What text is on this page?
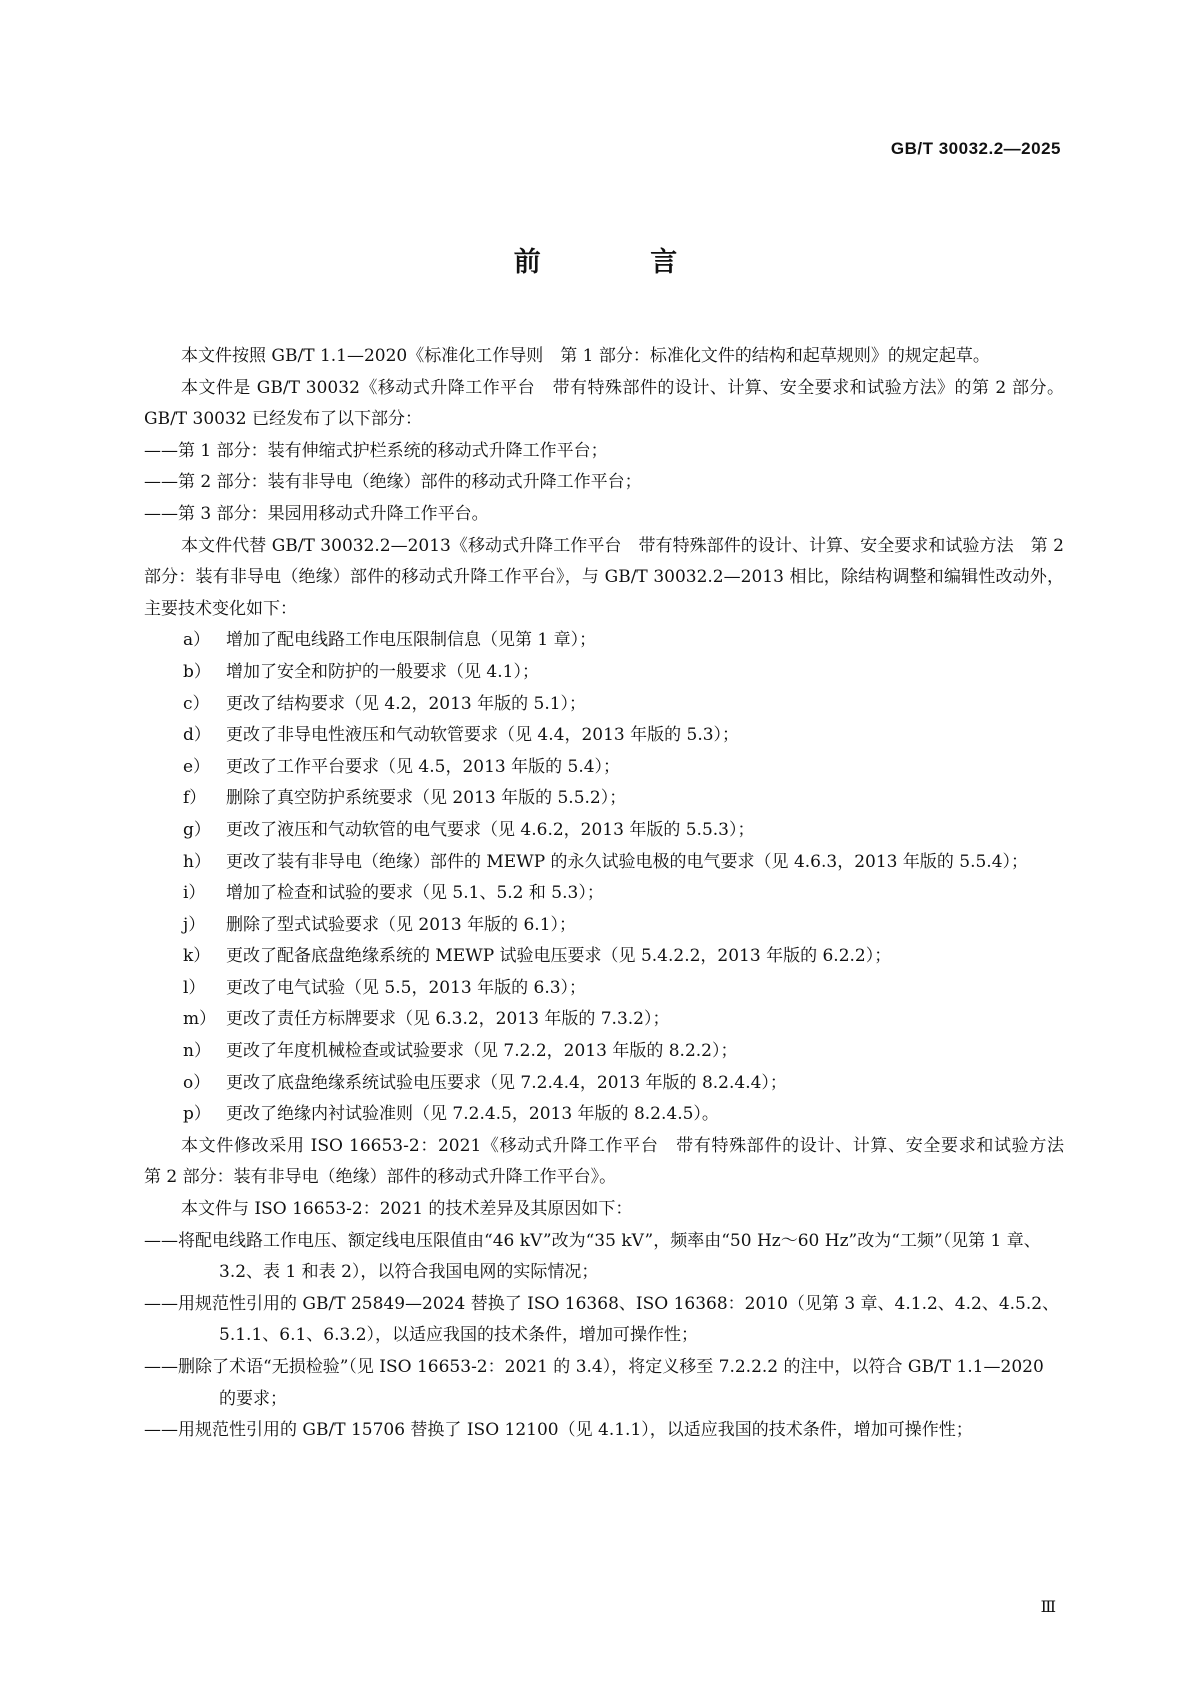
GB/T 30032.2—2025
前 言

本文件按照 GB/T 1.1—2020《标准化工作导则　第 1 部分：标准化文件的结构和起草规则》的规定起草。

本文件是 GB/T 30032《移动式升降工作平台　带有特殊部件的设计、计算、安全要求和试验方法》的第 2 部分。GB/T 30032 已经发布了以下部分：

——第 1 部分：装有伸缩式护栏系统的移动式升降工作平台；

——第 2 部分：装有非导电（绝缘）部件的移动式升降工作平台；

——第 3 部分：果园用移动式升降工作平台。

本文件代替 GB/T 30032.2—2013《移动式升降工作平台　带有特殊部件的设计、计算、安全要求和试验方法　第 2 部分：装有非导电（绝缘）部件的移动式升降工作平台》，与 GB/T 30032.2—2013 相比，除结构调整和编辑性改动外，主要技术变化如下：

a） 增加了配电线路工作电压限制信息（见第 1 章）；

b） 增加了安全和防护的一般要求（见 4.1）；

c） 更改了结构要求（见 4.2，2013 年版的 5.1）；

d） 更改了非导电性液压和气动软管要求（见 4.4，2013 年版的 5.3）；

e） 更改了工作平台要求（见 4.5，2013 年版的 5.4）；

f） 删除了真空防护系统要求（见 2013 年版的 5.5.2）；

g） 更改了液压和气动软管的电气要求（见 4.6.2，2013 年版的 5.5.3）；

h） 更改了装有非导电（绝缘）部件的 MEWP 的永久试验电极的电气要求（见 4.6.3，2013 年版的 5.5.4）；

i） 增加了检查和试验的要求（见 5.1、5.2 和 5.3）；

j） 删除了型式试验要求（见 2013 年版的 6.1）；

k） 更改了配备底盘绝缘系统的 MEWP 试验电压要求（见 5.4.2.2，2013 年版的 6.2.2）；

l） 更改了电气试验（见 5.5，2013 年版的 6.3）；

m） 更改了责任方标牌要求（见 6.3.2，2013 年版的 7.3.2）；

n） 更改了年度机械检查或试验要求（见 7.2.2，2013 年版的 8.2.2）；

o） 更改了底盘绝缘系统试验电压要求（见 7.2.4.4，2013 年版的 8.2.4.4）；

p） 更改了绝缘内衬试验准则（见 7.2.4.5，2013 年版的 8.2.4.5）。

本文件修改采用 ISO 16653-2：2021《移动式升降工作平台　带有特殊部件的设计、计算、安全要求和试验方法　第 2 部分：装有非导电（绝缘）部件的移动式升降工作平台》。

本文件与 ISO 16653-2：2021 的技术差异及其原因如下：

——将配电线路工作电压、额定线电压限值由“46 kV”改为“35 kV”，频率由“50 Hz～60 Hz”改为“工频”（见第 1 章、3.2、表 1 和表 2），以符合我国电网的实际情况；

——用规范性引用的 GB/T 25849—2024 替换了 ISO 16368、ISO 16368：2010（见第 3 章、4.1.2、4.2、4.5.2、5.1.1、6.1、6.3.2），以适应我国的技术条件，增加可操作性；

——删除了术语“无损检验”（见 ISO 16653-2：2021 的 3.4），将定义移至 7.2.2.2 的注中，以符合 GB/T 1.1—2020 的要求；

——用规范性引用的 GB/T 15706 替换了 ISO 12100（见 4.1.1），以适应我国的技术条件，增加可操作性；

Ⅲ
